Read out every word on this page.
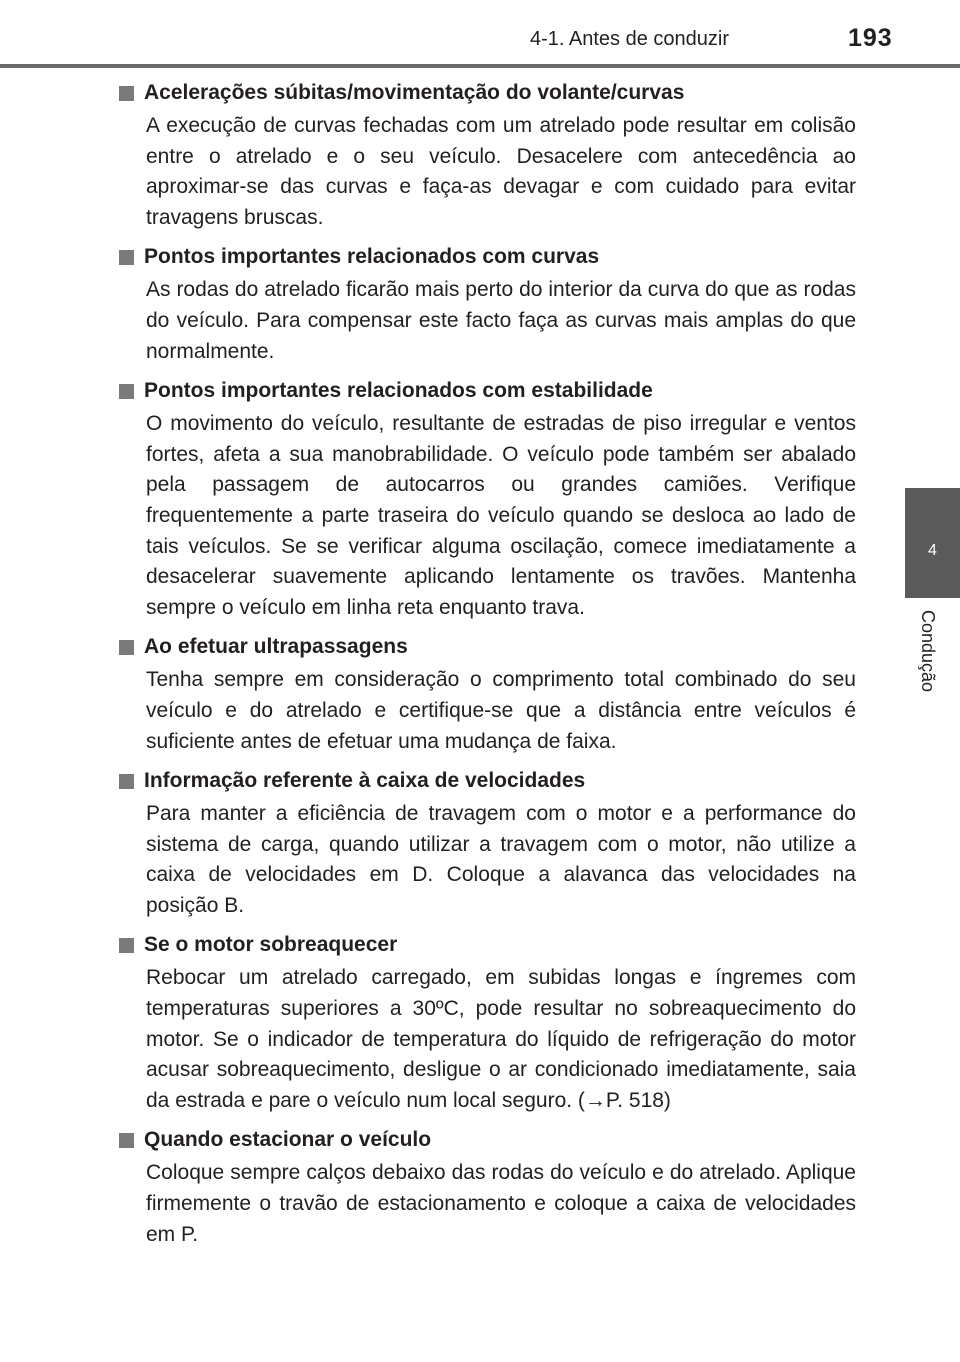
4-1. Antes de conduzir	193
4
Condução
Acelerações súbitas/movimentação do volante/curvas

A execução de curvas fechadas com um atrelado pode resultar em colisão entre o atrelado e o seu veículo. Desacelere com antecedência ao aproximar-se das curvas e faça-as devagar e com cuidado para evitar travagens bruscas.

Pontos importantes relacionados com curvas

As rodas do atrelado ficarão mais perto do interior da curva do que as rodas do veículo. Para compensar este facto faça as curvas mais amplas do que normalmente.

Pontos importantes relacionados com estabilidade

O movimento do veículo, resultante de estradas de piso irregular e ventos fortes, afeta a sua manobrabilidade. O veículo pode também ser abalado pela passagem de autocarros ou grandes camiões. Verifique frequentemente a parte traseira do veículo quando se desloca ao lado de tais veículos. Se se verificar alguma oscilação, comece imediatamente a desacelerar suavemente aplicando lentamente os travões. Mantenha sempre o veículo em linha reta enquanto trava.

Ao efetuar ultrapassagens

Tenha sempre em consideração o comprimento total combinado do seu veículo e do atrelado e certifique-se que a distância entre veículos é suficiente antes de efetuar uma mudança de faixa.

Informação referente à caixa de velocidades

Para manter a eficiência de travagem com o motor e a performance do sistema de carga, quando utilizar a travagem com o motor, não utilize a caixa de velocidades em D. Coloque a alavanca das velocidades na posição B.

Se o motor sobreaquecer

Rebocar um atrelado carregado, em subidas longas e íngremes com temperaturas superiores a 30ºC, pode resultar no sobreaquecimento do motor. Se o indicador de temperatura do líquido de refrigeração do motor acusar sobreaquecimento, desligue o ar condicionado imediatamente, saia da estrada e pare o veículo num local seguro. (→P. 518)

Quando estacionar o veículo

Coloque sempre calços debaixo das rodas do veículo e do atrelado. Aplique firmemente o travão de estacionamento e coloque a caixa de velocidades em P.
